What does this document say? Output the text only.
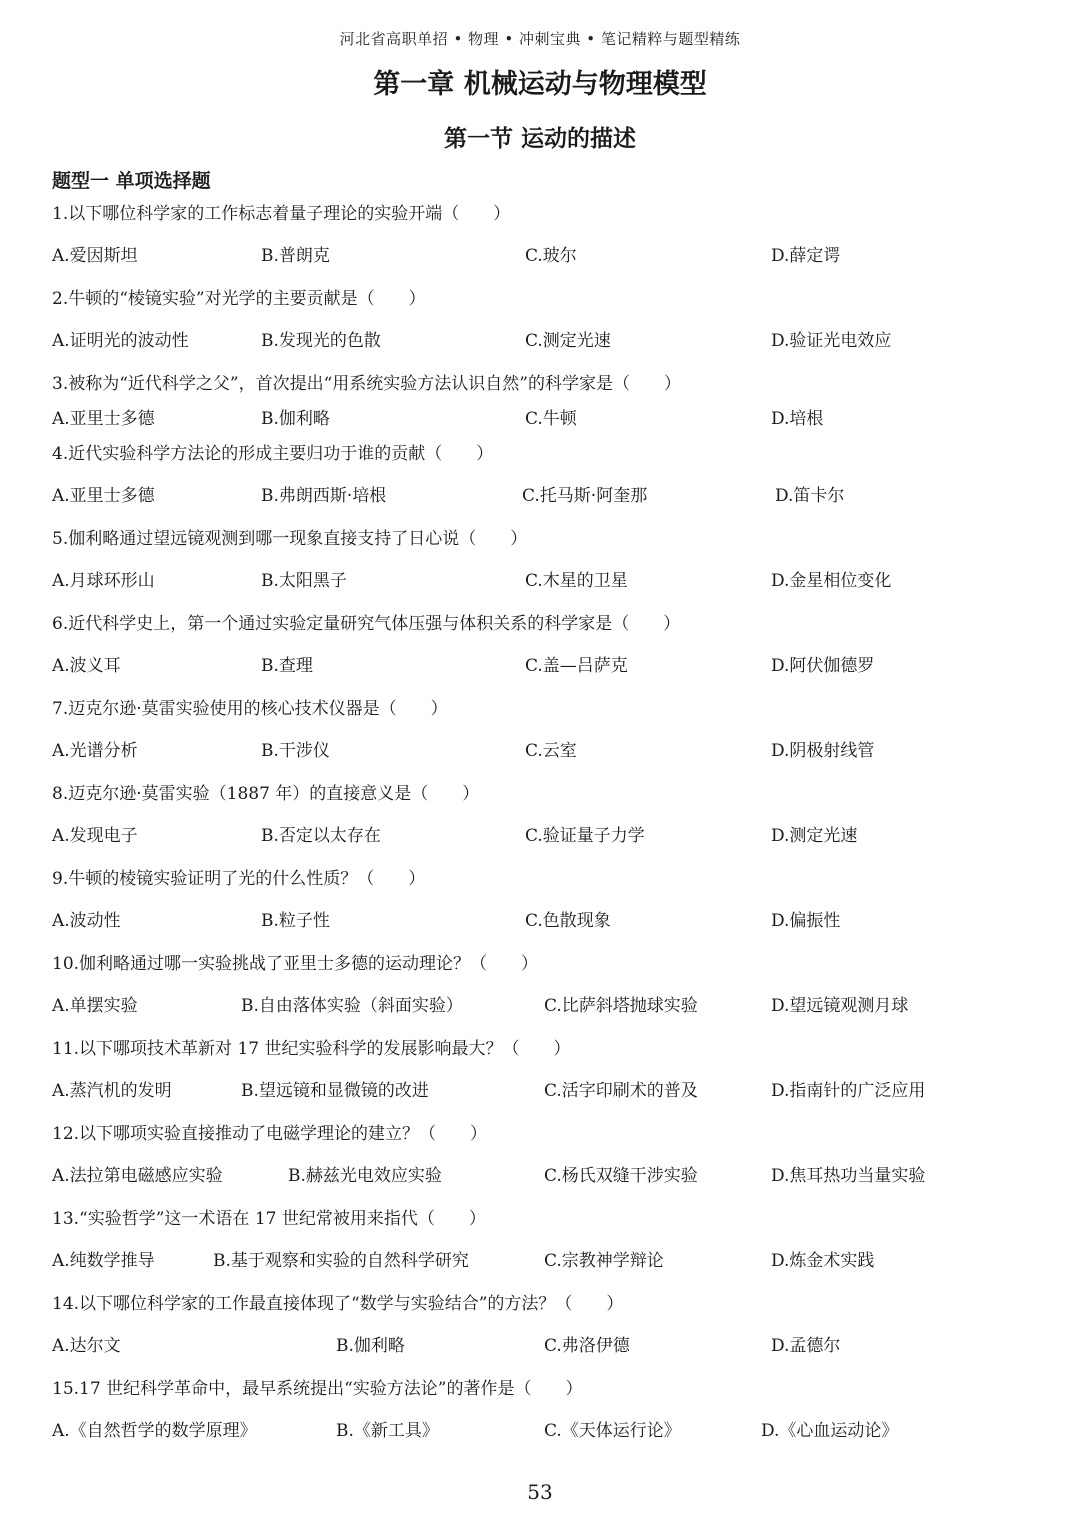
河北省高职单招 • 物理 • 冲刺宝典 • 笔记精粹与题型精练
第一章 机械运动与物理模型
第一节 运动的描述
题型一 单项选择题
1.以下哪位科学家的工作标志着量子理论的实验开端（　　）
A.爱因斯坦	B.普朗克	C.玻尔	D.薛定谔
2.牛顿的“棱镜实验”对光学的主要贡献是（　　）
A.证明光的波动性	B.发现光的色散	C.测定光速	D.验证光电效应
3.被称为“近代科学之父”，首次提出“用系统实验方法认识自然”的科学家是（　　）
A.亚里士多德	B.伽利略	C.牛顿	D.培根
4.近代实验科学方法论的形成主要归功于谁的贡献（　　）
A.亚里士多德	B.弗朗西斯·培根	C.托马斯·阿奎那	D.笛卡尔
5.伽利略通过望远镜观测到哪一现象直接支持了日心说（　　）
A.月球环形山	B.太阳黑子	C.木星的卫星	D.金星相位变化
6.近代科学史上，第一个通过实验定量研究气体压强与体积关系的科学家是（　　）
A.波义耳	B.查理	C.盖—吕萨克	D.阿伏伽德罗
7.迈克尔逊·莫雷实验使用的核心技术仪器是（　　）
A.光谱分析	B.干涉仪	C.云室	D.阴极射线管
8.迈克尔逊·莫雷实验（1887 年）的直接意义是（　　）
A.发现电子	B.否定以太存在	C.验证量子力学	D.测定光速
9.牛顿的棱镜实验证明了光的什么性质？（　　）
A.波动性	B.粒子性	C.色散现象	D.偏振性
10.伽利略通过哪一实验挑战了亚里士多德的运动理论？（　　）
A.单摆实验	B.自由落体实验（斜面实验）	C.比萨斜塔抛球实验	D.望远镜观测月球
11.以下哪项技术革新对 17 世纪实验科学的发展影响最大？（　　）
A.蒸汽机的发明	B.望远镜和显微镜的改进	C.活字印刷术的普及	D.指南针的广泛应用
12.以下哪项实验直接推动了电磁学理论的建立？（　　）
A.法拉第电磁感应实验	B.赫兹光电效应实验	C.杨氏双缝干涉实验	D.焦耳热功当量实验
13.“实验哲学”这一术语在 17 世纪常被用来指代（　　）
A.纯数学推导	B.基于观察和实验的自然科学研究	C.宗教神学辩论	D.炼金术实践
14.以下哪位科学家的工作最直接体现了“数学与实验结合”的方法？（　　）
A.达尔文	B.伽利略	C.弗洛伊德	D.孟德尔
15.17 世纪科学革命中，最早系统提出“实验方法论”的著作是（　　）
A.《自然哲学的数学原理》	B.《新工具》	C.《天体运行论》	D.《心血运动论》
53
